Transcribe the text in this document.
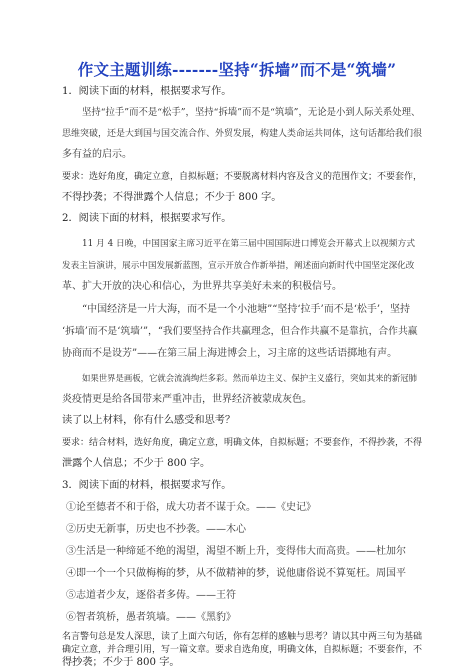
作文主题训练-------坚持“拆墙”而不是“筑墙”
1．阅读下面的材料，根据要求写作。
坚持“拉手”而不是“松手”，坚持“拆墙”而不是“筑墙”，无论是小到人际关系处理、
思维突破，还是大到国与国交流合作、外贸发展，构建人类命运共同体，这句话都给我们很
多有益的启示。
要求：选好角度，确定立意，自拟标题；不要脱离材料内容及含义的范围作文；不要套作，
不得抄袭；不得泄露个人信息；不少于 800 字。
2．阅读下面的材料，根据要求写作。
11 月 4 日晚，中国国家主席习近平在第三届中国国际进口博览会开幕式上以视频方式
发表主旨演讲，展示中国发展新蓝图，宣示开放合作新举措，阐述面向新时代中国坚定深化改
革、扩大开放的决心和信心，为世界共享美好未来的积极信号。
“中国经济是一片大海，而不是一个小池塘”“坚持‘拉手’而不是‘松手’，坚持
‘拆墙’而不是‘筑墙’”，“我们要坚持合作共赢理念，但合作共赢不是靠抗，合作共赢
协商而不是设芳”——在第三届上海进博会上，习主席的这些话语掷地有声。
如果世界是画板，它就会流淌绚烂多彩。然而单边主义、保护主义盛行，突如其来的新冠肺
炎疫情更是给各国带来严重冲击，世界经济被蒙成灰色。
读了以上材料，你有什么感受和思考？
要求：结合材料，选好角度，确定立意，明确文体，自拟标题；不要套作，不得抄袭，不得
泄露个人信息；不少于 800 字。
3．阅读下面的材料，根据要求写作。
①论至德者不和于俗，成大功者不谋于众。——《史记》
②历史无新事，历史也不抄袭。——木心
③生活是一种缔延不绝的渴望，渴望不断上升，变得伟大而高贵。——杜加尔
④即一个一个只做梅梅的梦，从不做精神的梦，说他庸俗说不算冤枉。周国平
⑤志道者少友，逐俗者多俦。——王符
⑥智者筑桥，愚者筑墙。——《黑豹》
名言警句总是发人深思，读了上面六句话，你有怎样的感触与思考？请以其中两三句为基础
确定立意，并合理引用，写一篇文章。要求自选角度，明确文体，自拟标题；不要套作，不
得抄袭；不少于 800 字。
